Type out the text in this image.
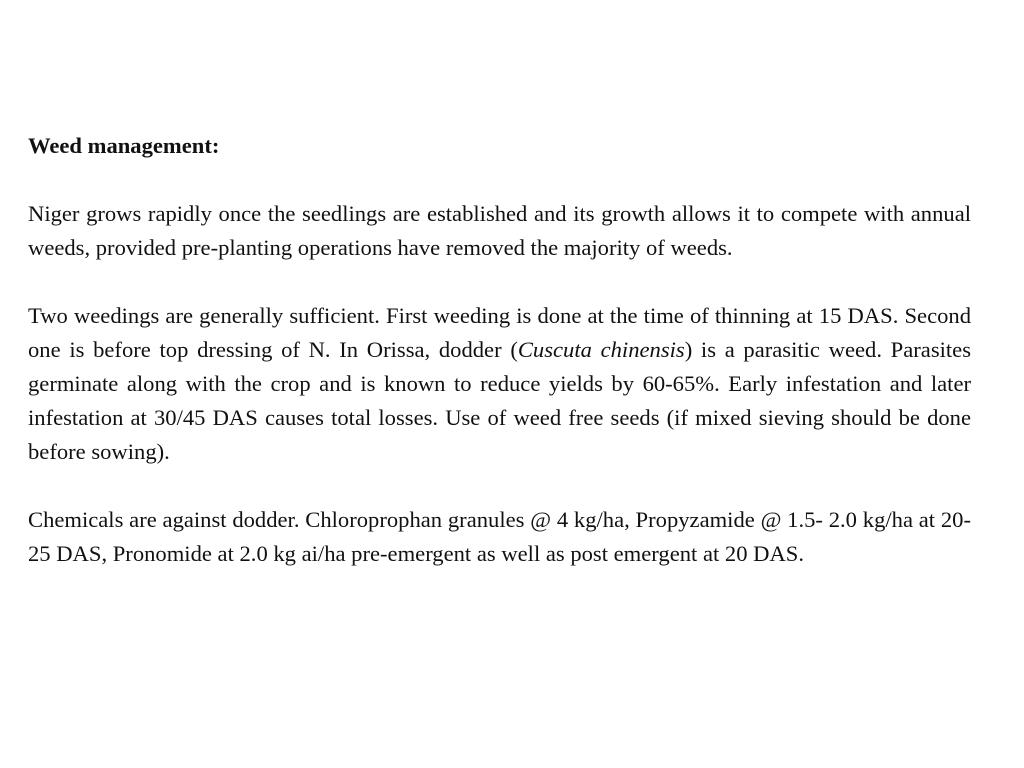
Weed management:

Niger grows rapidly once the seedlings are established and its growth allows it to compete with annual weeds, provided pre-planting operations have removed the majority of weeds.

Two weedings are generally sufficient. First weeding is done at the time of thinning at 15 DAS. Second one is before top dressing of N. In Orissa, dodder (Cuscuta chinensis) is a parasitic weed. Parasites germinate along with the crop and is known to reduce yields by 60-65%. Early infestation and later infestation at 30/45 DAS causes total losses. Use of weed free seeds (if mixed sieving should be done before sowing).

Chemicals are against dodder. Chloroprophan granules @ 4 kg/ha, Propyzamide @ 1.5- 2.0 kg/ha at 20-25 DAS, Pronomide at 2.0 kg ai/ha pre-emergent as well as post emergent at 20 DAS.
